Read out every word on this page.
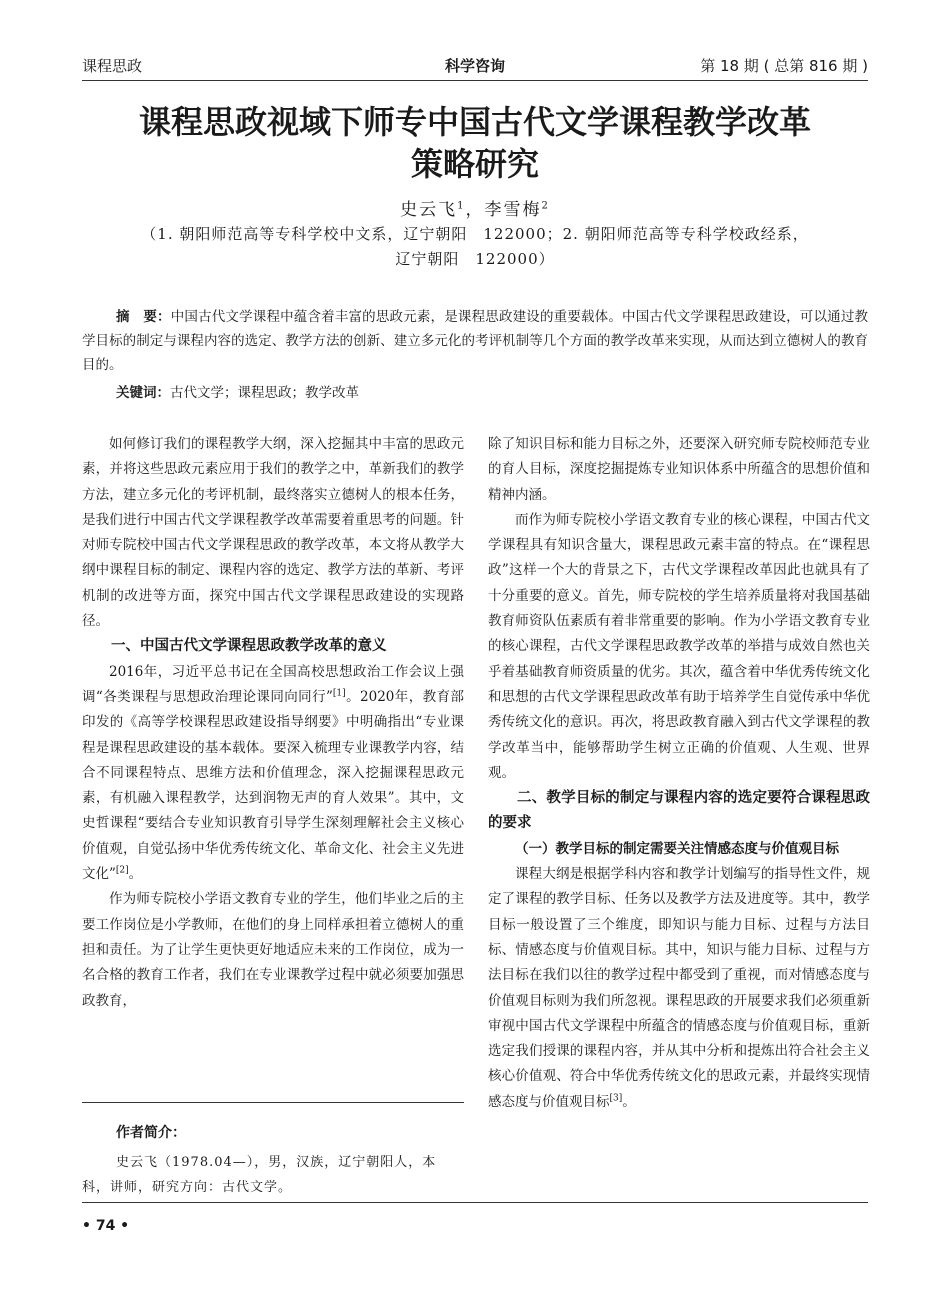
课程思政	科学咨询	第 18 期 ( 总第 816 期 )
课程思政视域下师专中国古代文学课程教学改革
策略研究
史云飞$^1$，李雪梅$^2$
（1. 朝阳师范高等专科学校中文系，辽宁朝阳　122000；2. 朝阳师范高等专科学校政经系，
辽宁朝阳　122000）
摘　要：中国古代文学课程中蕴含着丰富的思政元素，是课程思政建设的重要载体。中国古代文学课程思政建设，可以通过教学目标的制定与课程内容的选定、教学方法的创新、建立多元化的考评机制等几个方面的教学改革来实现，从而达到立德树人的教育目的。
关键词：古代文学；课程思政；教学改革

如何修订我们的课程教学大纲，深入挖掘其中丰富的思政元素，并将这些思政元素应用于我们的教学之中，革新我们的教学方法，建立多元化的考评机制，最终落实立德树人的根本任务，是我们进行中国古代文学课程教学改革需要着重思考的问题。针对师专院校中国古代文学课程思政的教学改革，本文将从教学大纲中课程目标的制定、课程内容的选定、教学方法的革新、考评机制的改进等方面，探究中国古代文学课程思政建设的实现路径。

一、中国古代文学课程思政教学改革的意义

2016年，习近平总书记在全国高校思想政治工作会议上强调“各类课程与思想政治理论课同向同行”[1]。2020年，教育部印发的《高等学校课程思政建设指导纲要》中明确指出“专业课程是课程思政建设的基本载体。要深入梳理专业课教学内容，结合不同课程特点、思维方法和价值理念，深入挖掘课程思政元素，有机融入课程教学，达到润物无声的育人效果”。其中，文史哲课程“要结合专业知识教育引导学生深刻理解社会主义核心价值观，自觉弘扬中华优秀传统文化、革命文化、社会主义先进文化”[2]。

作为师专院校小学语文教育专业的学生，他们毕业之后的主要工作岗位是小学教师，在他们的身上同样承担着立德树人的重担和责任。为了让学生更快更好地适应未来的工作岗位，成为一名合格的教育工作者，我们在专业课教学过程中就必须要加强思政教育，

除了知识目标和能力目标之外，还要深入研究师专院校师范专业的育人目标，深度挖掘提炼专业知识体系中所蕴含的思想价值和精神内涵。

而作为师专院校小学语文教育专业的核心课程，中国古代文学课程具有知识含量大，课程思政元素丰富的特点。在“课程思政”这样一个大的背景之下，古代文学课程改革因此也就具有了十分重要的意义。首先，师专院校的学生培养质量将对我国基础教育师资队伍素质有着非常重要的影响。作为小学语文教育专业的核心课程，古代文学课程思政教学改革的举措与成效自然也关乎着基础教育师资质量的优劣。其次，蕴含着中华优秀传统文化和思想的古代文学课程思政改革有助于培养学生自觉传承中华优秀传统文化的意识。再次，将思政教育融入到古代文学课程的教学改革当中，能够帮助学生树立正确的价值观、人生观、世界观。

二、教学目标的制定与课程内容的选定要符合课程思政的要求
（一）教学目标的制定需要关注情感态度与价值观目标

课程大纲是根据学科内容和教学计划编写的指导性文件，规定了课程的教学目标、任务以及教学方法及进度等。其中，教学目标一般设置了三个维度，即知识与能力目标、过程与方法目标、情感态度与价值观目标。其中，知识与能力目标、过程与方法目标在我们以往的教学过程中都受到了重视，而对情感态度与价值观目标则为我们所忽视。课程思政的开展要求我们必须重新审视中国古代文学课程中所蕴含的情感态度与价值观目标，重新选定我们授课的课程内容，并从其中分析和提炼出符合社会主义核心价值观、符合中华优秀传统文化的思政元素，并最终实现情感态度与价值观目标[3]。

作者简介：
史云飞（1978.04—），男，汉族，辽宁朝阳人，本科，讲师，研究方向：古代文学。
• 74 •
